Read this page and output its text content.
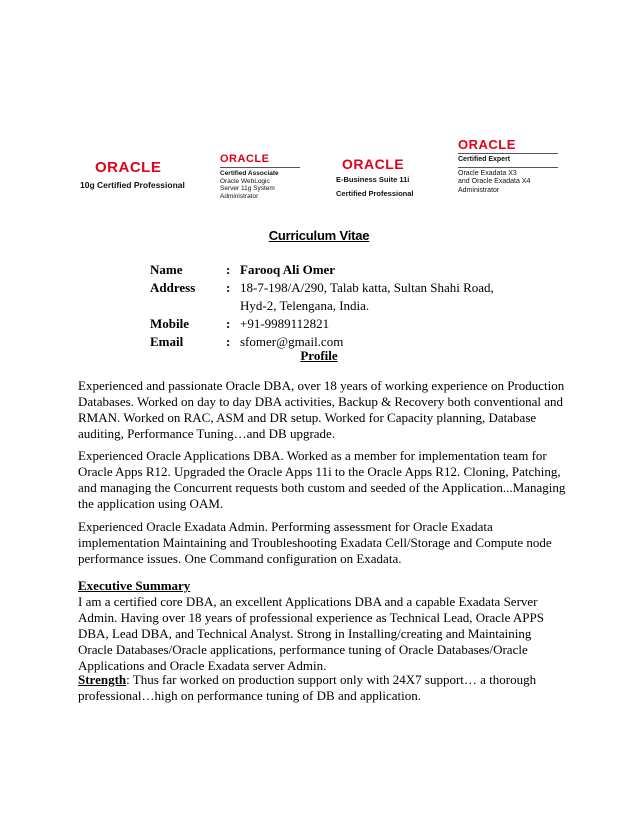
ORACLE
10g Certified Professional
ORACLE
Certified Associate
Oracle WebLogic
Server 11g System
Administrator
ORACLE
E-Business Suite 11i
Certified Professional
ORACLE
Certified Expert
Oracle Exadata X3
and Oracle Exadata X4
Administrator
Curriculum Vitae
Name	: Farooq Ali Omer
Address	: 18-7-198/A/290, Talab katta, Sultan Shahi Road,
Hyd-2, Telengana, India.
Mobile	: +91-9989112821
Email	: sfomer@gmail.com
Profile

Experienced and passionate Oracle DBA, over 18 years of working experience on Production Databases. Worked on day to day DBA activities, Backup & Recovery both conventional and RMAN. Worked on RAC, ASM and DR setup. Worked for Capacity planning, Database auditing, Performance Tuning…and DB upgrade.

Experienced Oracle Applications DBA. Worked as a member for implementation team for Oracle Apps R12. Upgraded the Oracle Apps 11i to the Oracle Apps R12. Cloning, Patching, and managing the Concurrent requests both custom and seeded of the Application...Managing the application using OAM.

Experienced Oracle Exadata Admin. Performing assessment for Oracle Exadata implementation Maintaining and Troubleshooting Exadata Cell/Storage and Compute node performance issues. One Command configuration on Exadata.

Executive Summary
I am a certified core DBA, an excellent Applications DBA and a capable Exadata Server Admin. Having over 18 years of professional experience as Technical Lead, Oracle APPS DBA, Lead DBA, and Technical Analyst. Strong in Installing/creating and Maintaining Oracle Databases/Oracle applications, performance tuning of Oracle Databases/Oracle Applications and Oracle Exadata server Admin.

Strength: Thus far worked on production support only with 24X7 support… a thorough professional…high on performance tuning of DB and application.
